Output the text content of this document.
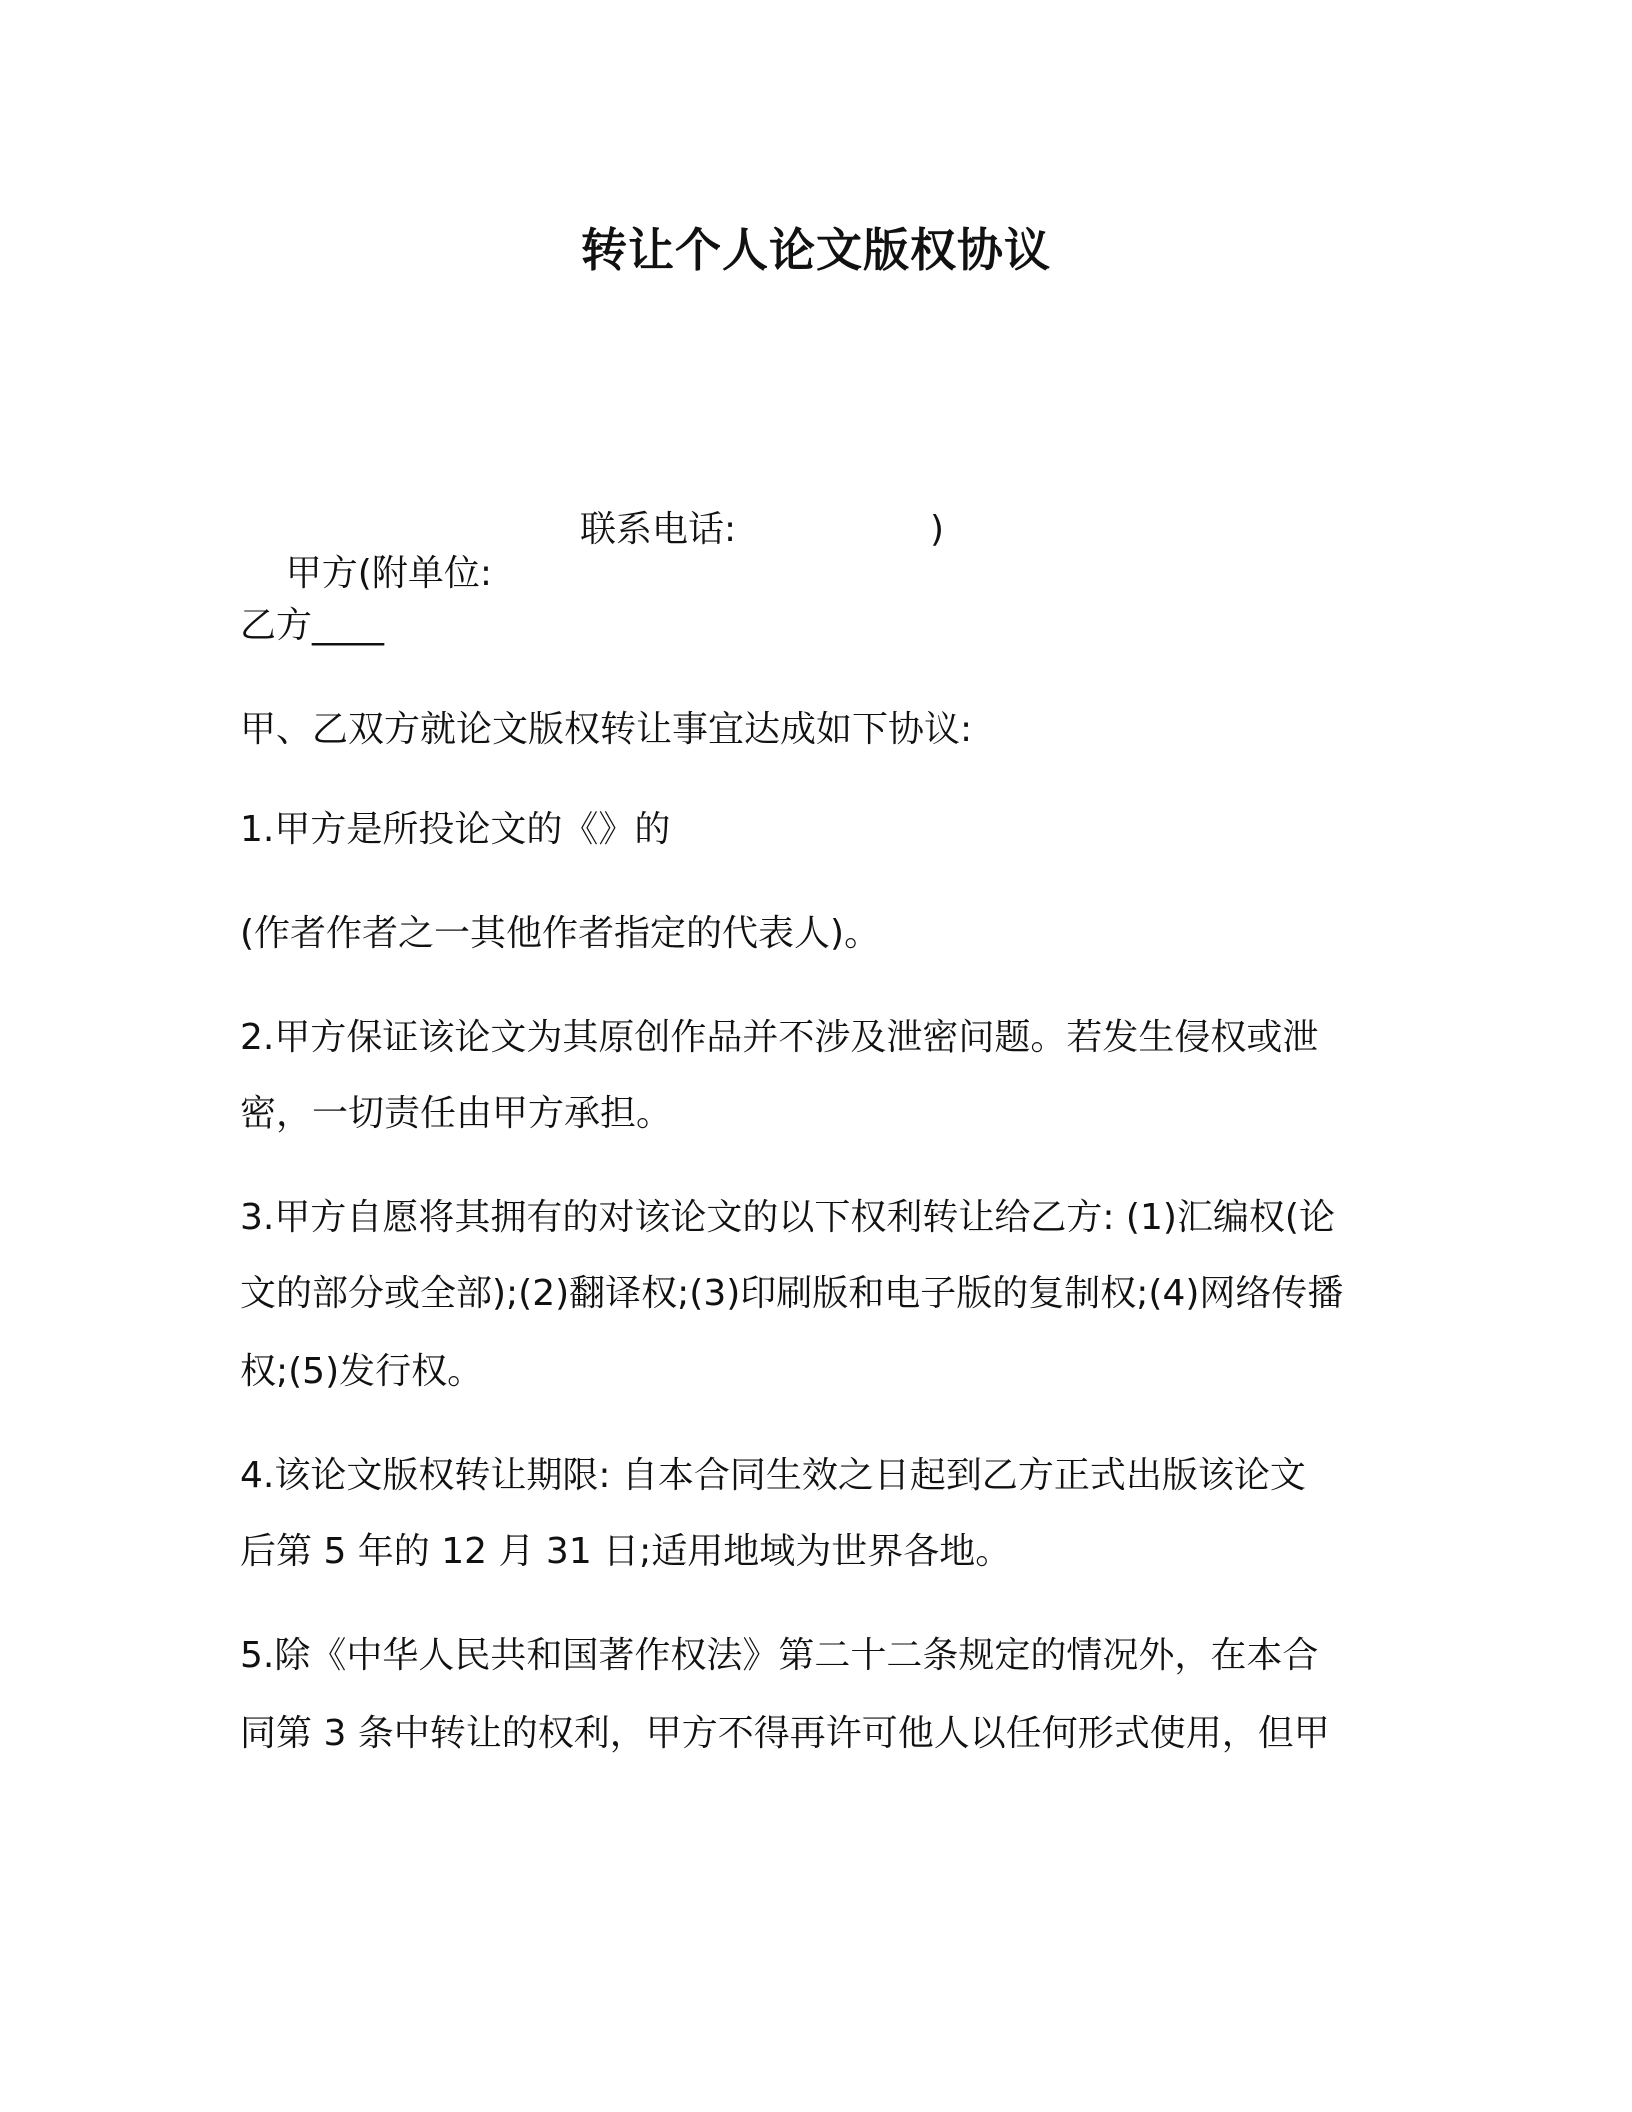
转让个人论文版权协议

甲方(附单位:

联系电话:

	)

乙方____

甲、乙双方就论文版权转让事宜达成如下协议:

1.甲方是所投论文的《》的

(作者作者之一其他作者指定的代表人)。

2.甲方保证该论文为其原创作品并不涉及泄密问题。若发生侵权或泄

密，一切责任由甲方承担。

3.甲方自愿将其拥有的对该论文的以下权利转让给乙方: (1)汇编权(论

文的部分或全部);(2)翻译权;(3)印刷版和电子版的复制权;(4)网络传播

权;(5)发行权。

4.该论文版权转让期限: 自本合同生效之日起到乙方正式出版该论文

后第 5 年的 12 月 31 日;适用地域为世界各地。

5.除《中华人民共和国著作权法》第二十二条规定的情况外，在本合

同第 3 条中转让的权利，甲方不得再许可他人以任何形式使用，但甲
